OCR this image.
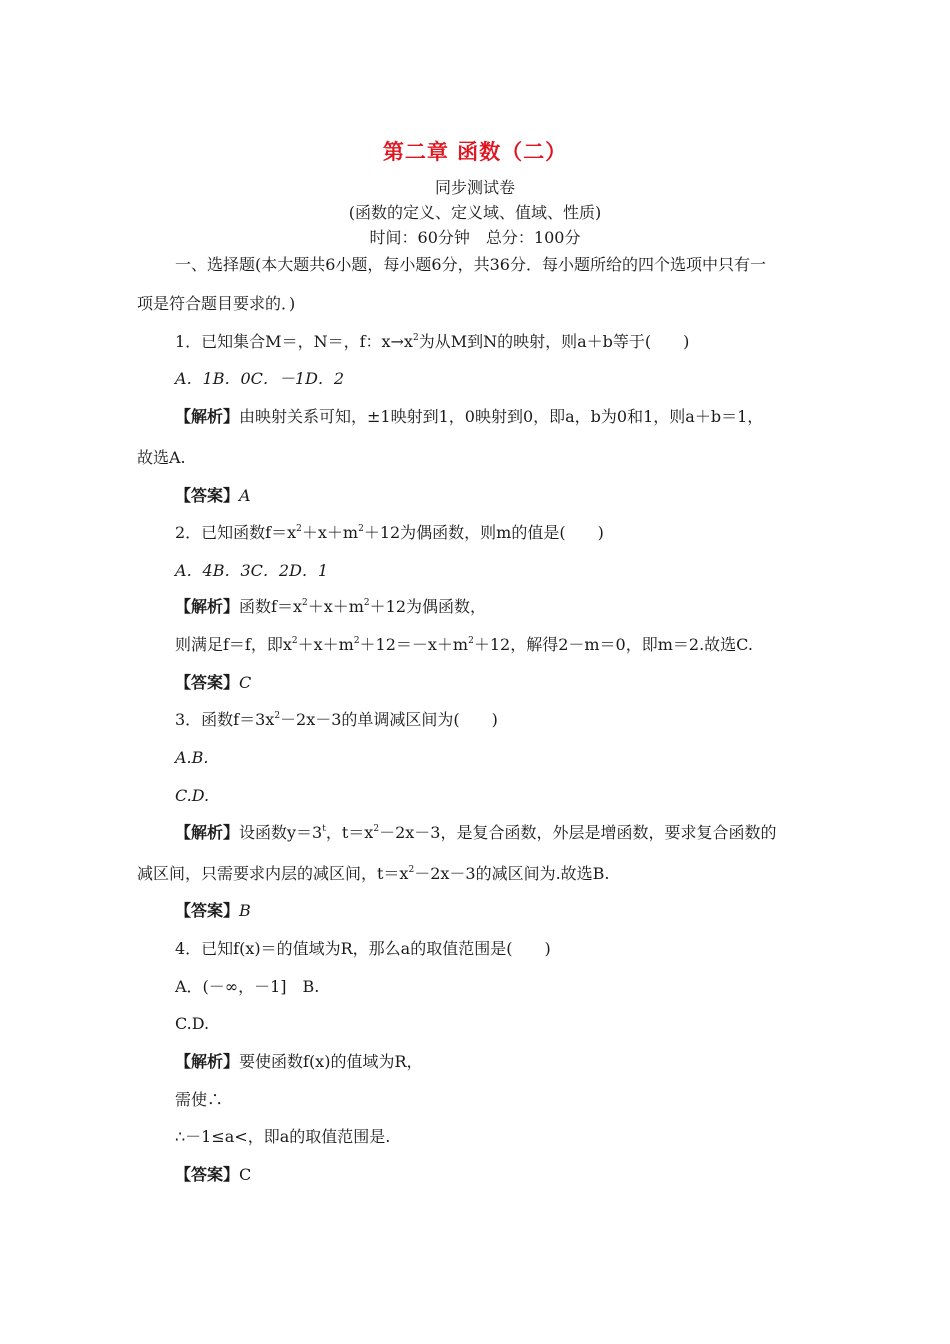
第二章 函数（二）
同步测试卷
(函数的定义、定义域、值域、性质)
时间：60分钟　总分：100分
一、选择题(本大题共6小题，每小题6分，共36分．每小题所给的四个选项中只有一
项是符合题目要求的．)
1．已知集合M＝，N＝，f：$x\to x^2$为从M到N的映射，则a＋b等于(　　)
A．1B．0C．－1D．2
【解析】由映射关系可知，±1映射到1，0映射到0，即a，b为0和1，则a＋b＝1，
故选A.
【答案】A
2．已知函数$f=x^2+x+m^2+12$为偶函数，则m的值是(　　)
A．4B．3C．2D．1
【解析】函数$f=x^2+x+m^2+12$为偶函数，
则满足f＝f，即$x^2+x+m^2+12=-x+m^2+12$，解得2－m＝0，即m＝2.故选C.
【答案】C
3．函数$f=3x^2-2x-3$的单调减区间为(　　)
A.B.
C.D.
【解析】设函数$y=3^t$，$t=x^2-2x-3$，是复合函数，外层是增函数，要求复合函数的
减区间，只需要求内层的减区间，$t=x^2-2x-3$的减区间为.故选B.
【答案】B
4．已知f(x)＝的值域为R，那么a的取值范围是(　　)
A．(－∞，－1]　B.
C.D.
【解析】要使函数f(x)的值域为R，
需使∴
∴－1≤a<，即a的取值范围是.
【答案】C
